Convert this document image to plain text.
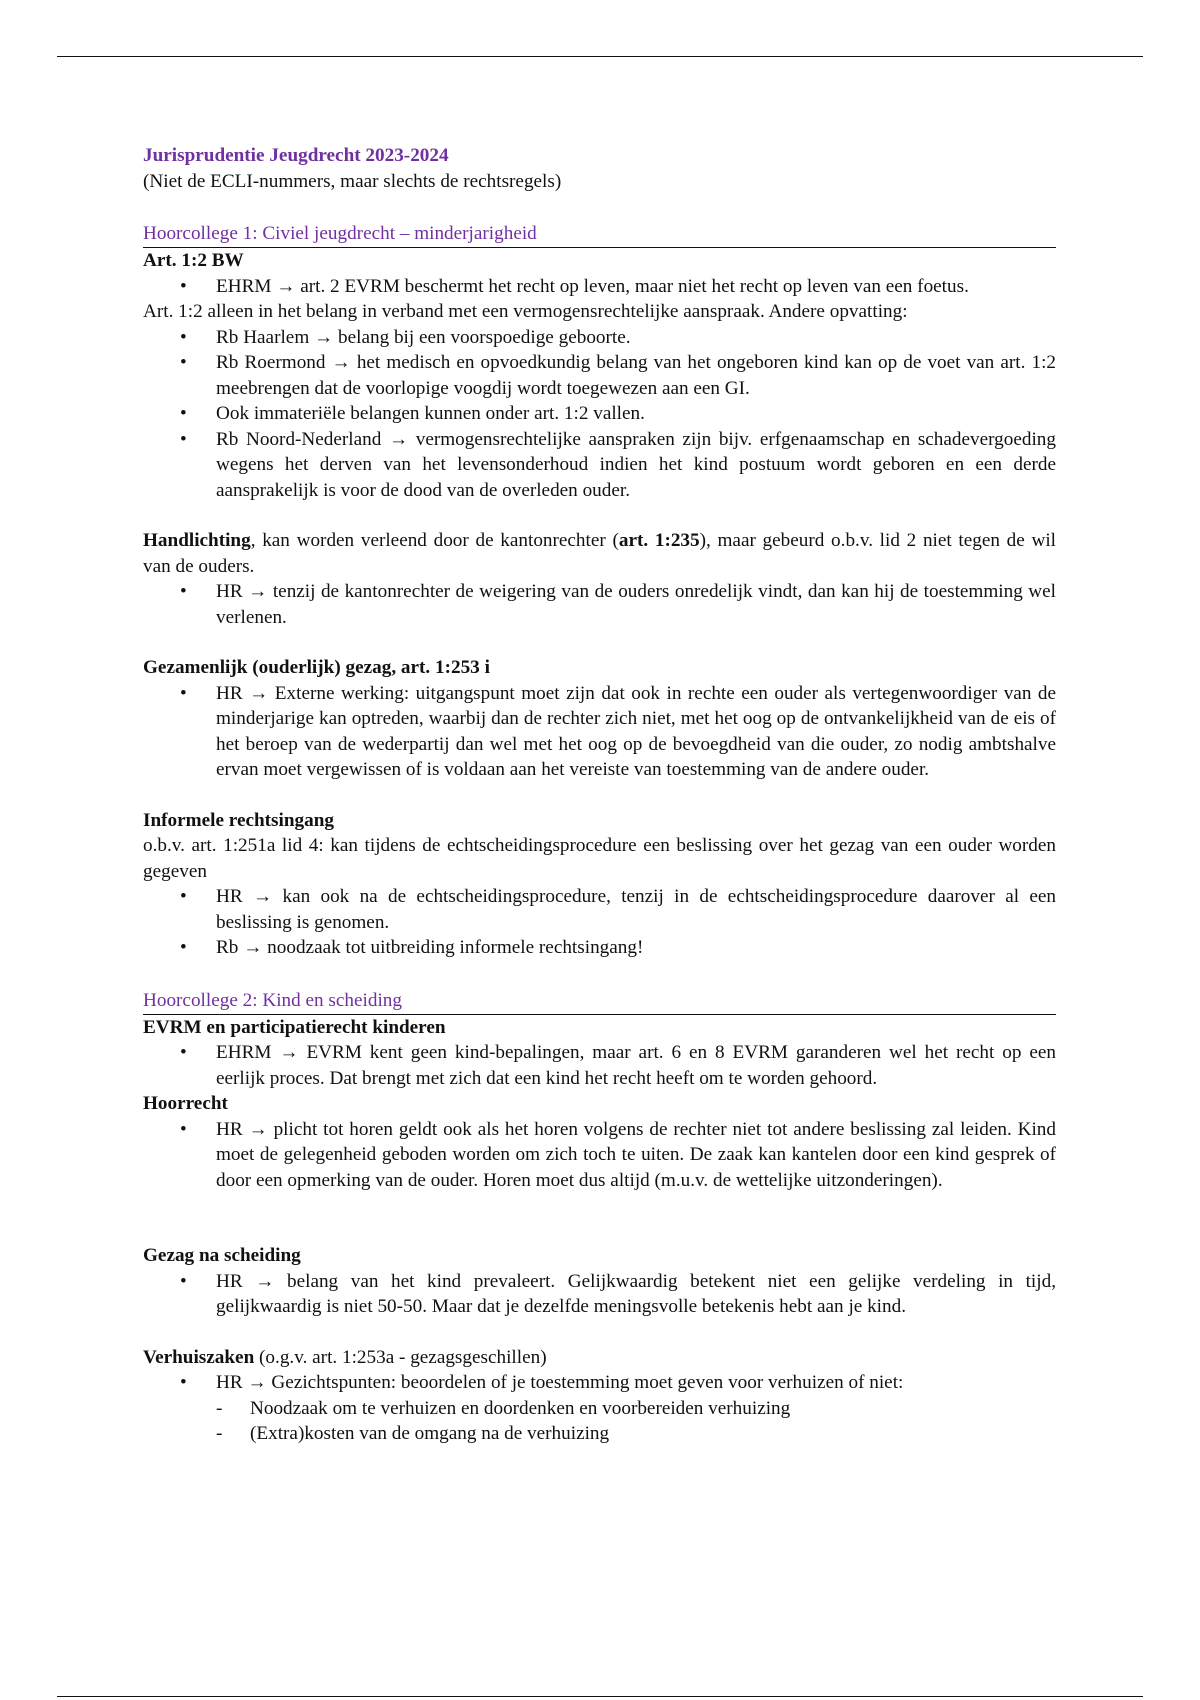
Jurisprudentie Jeugdrecht 2023-2024

(Niet de ECLI-nummers, maar slechts de rechtsregels)

Hoorcollege 1: Civiel jeugdrecht – minderjarigheid

Art. 1:2 BW

• EHRM → art. 2 EVRM beschermt het recht op leven, maar niet het recht op leven van een foetus.

Art. 1:2 alleen in het belang in verband met een vermogensrechtelijke aanspraak. Andere opvatting:

• Rb Haarlem → belang bij een voorspoedige geboorte.
• Rb Roermond → het medisch en opvoedkundig belang van het ongeboren kind kan op de voet van art. 1:2 meebrengen dat de voorlopige voogdij wordt toegewezen aan een GI.
• Ook immateriële belangen kunnen onder art. 1:2 vallen.
• Rb Noord-Nederland → vermogensrechtelijke aanspraken zijn bijv. erfgenaamschap en schadevergoeding wegens het derven van het levensonderhoud indien het kind postuum wordt geboren en een derde aansprakelijk is voor de dood van de overleden ouder.

Handlichting, kan worden verleend door de kantonrechter (art. 1:235), maar gebeurd o.b.v. lid 2 niet tegen de wil van de ouders.

• HR → tenzij de kantonrechter de weigering van de ouders onredelijk vindt, dan kan hij de toestemming wel verlenen.

Gezamenlijk (ouderlijk) gezag, art. 1:253 i

• HR → Externe werking: uitgangspunt moet zijn dat ook in rechte een ouder als vertegenwoordiger van de minderjarige kan optreden, waarbij dan de rechter zich niet, met het oog op de ontvankelijkheid van de eis of het beroep van de wederpartij dan wel met het oog op de bevoegdheid van die ouder, zo nodig ambtshalve ervan moet vergewissen of is voldaan aan het vereiste van toestemming van de andere ouder.

Informele rechtsingang

o.b.v. art. 1:251a lid 4: kan tijdens de echtscheidingsprocedure een beslissing over het gezag van een ouder worden gegeven

• HR → kan ook na de echtscheidingsprocedure, tenzij in de echtscheidingsprocedure daarover al een beslissing is genomen.
• Rb → noodzaak tot uitbreiding informele rechtsingang!

Hoorcollege 2: Kind en scheiding

EVRM en participatierecht kinderen

• EHRM → EVRM kent geen kind-bepalingen, maar art. 6 en 8 EVRM garanderen wel het recht op een eerlijk proces. Dat brengt met zich dat een kind het recht heeft om te worden gehoord.

Hoorrecht

• HR → plicht tot horen geldt ook als het horen volgens de rechter niet tot andere beslissing zal leiden. Kind moet de gelegenheid geboden worden om zich toch te uiten. De zaak kan kantelen door een kind gesprek of door een opmerking van de ouder. Horen moet dus altijd (m.u.v. de wettelijke uitzonderingen).

Gezag na scheiding

• HR → belang van het kind prevaleert. Gelijkwaardig betekent niet een gelijke verdeling in tijd, gelijkwaardig is niet 50-50. Maar dat je dezelfde meningsvolle betekenis hebt aan je kind.

Verhuiszaken (o.g.v. art. 1:253a - gezagsgeschillen)

• HR → Gezichtspunten: beoordelen of je toestemming moet geven voor verhuizen of niet:
- Noodzaak om te verhuizen en doordenken en voorbereiden verhuizing
- (Extra)kosten van de omgang na de verhuizing
